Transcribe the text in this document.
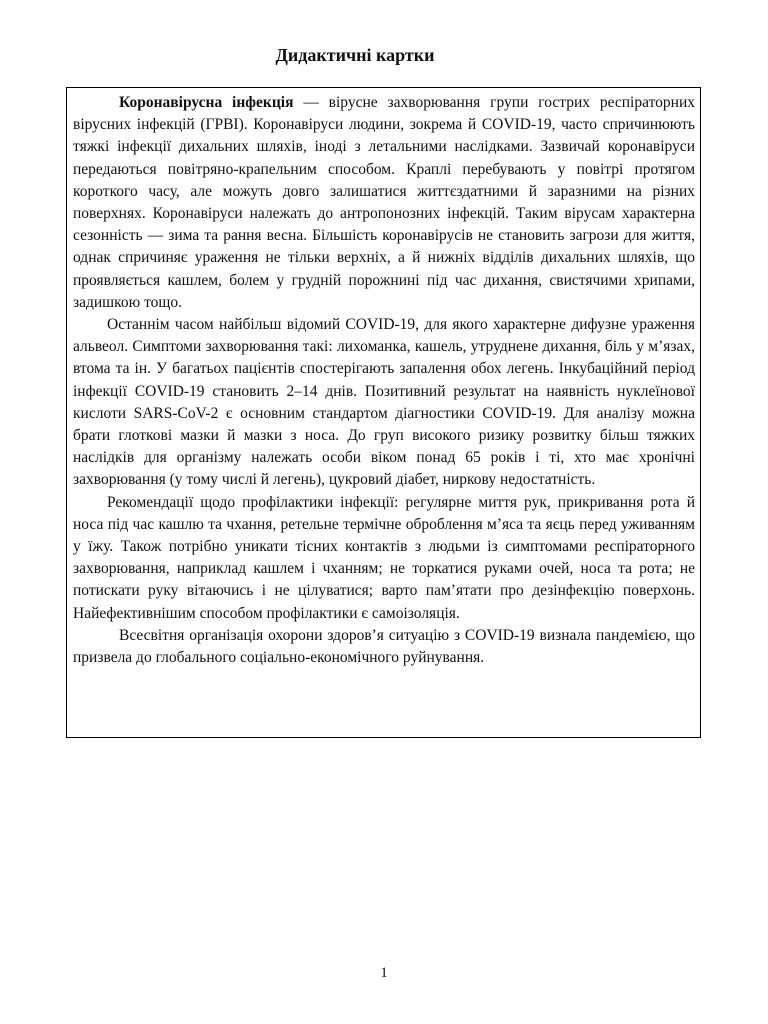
Дидактичні картки

Коронавірусна інфекція — вірусне захворювання групи гострих респіраторних вірусних інфекцій (ГРВІ). Коронавіруси людини, зокрема й COVID-19, часто спричинюють тяжкі інфекції дихальних шляхів, іноді з летальними наслідками. Зазвичай коронавіруси передаються повітряно-крапельним способом. Краплі перебувають у повітрі протягом короткого часу, але можуть довго залишатися життєздатними й заразними на різних поверхнях. Коронавіруси належать до антропонозних інфекцій. Таким вірусам характерна сезонність — зима та рання весна. Більшість коронавірусів не становить загрози для життя, однак спричиняє ураження не тільки верхніх, а й нижніх відділів дихальних шляхів, що проявляється кашлем, болем у грудній порожнині під час дихання, свистячими хрипами, задишкою тощо.

Останнім часом найбільш відомий COVID-19, для якого характерне дифузне ураження альвеол. Симптоми захворювання такі: лихоманка, кашель, утруднене дихання, біль у м’язах, втома та ін. У багатьох пацієнтів спостерігають запалення обох легень. Інкубаційний період інфекції COVID-19 становить 2–14 днів. Позитивний результат на наявність нуклеїнової кислоти SARS-CoV-2 є основним стандартом діагностики COVID-19. Для аналізу можна брати глоткові мазки й мазки з носа. До груп високого ризику розвитку більш тяжких наслідків для організму належать особи віком понад 65 років і ті, хто має хронічні захворювання (у тому числі й легень), цукровий діабет, ниркову недостатність.

Рекомендації щодо профілактики інфекції: регулярне миття рук, прикривання рота й носа під час кашлю та чхання, ретельне термічне оброблення м’яса та яєць перед уживанням у їжу. Також потрібно уникати тісних контактів з людьми із симптомами респіраторного захворювання, наприклад кашлем і чханням; не торкатися руками очей, носа та рота; не потискати руку вітаючись і не цілуватися; варто пам’ятати про дезінфекцію поверхонь. Найефективнішим способом профілактики є самоізоляція.

Всесвітня організація охорони здоров’я ситуацію з COVID-19 визнала пандемією, що призвела до глобального соціально-економічного руйнування.

1
